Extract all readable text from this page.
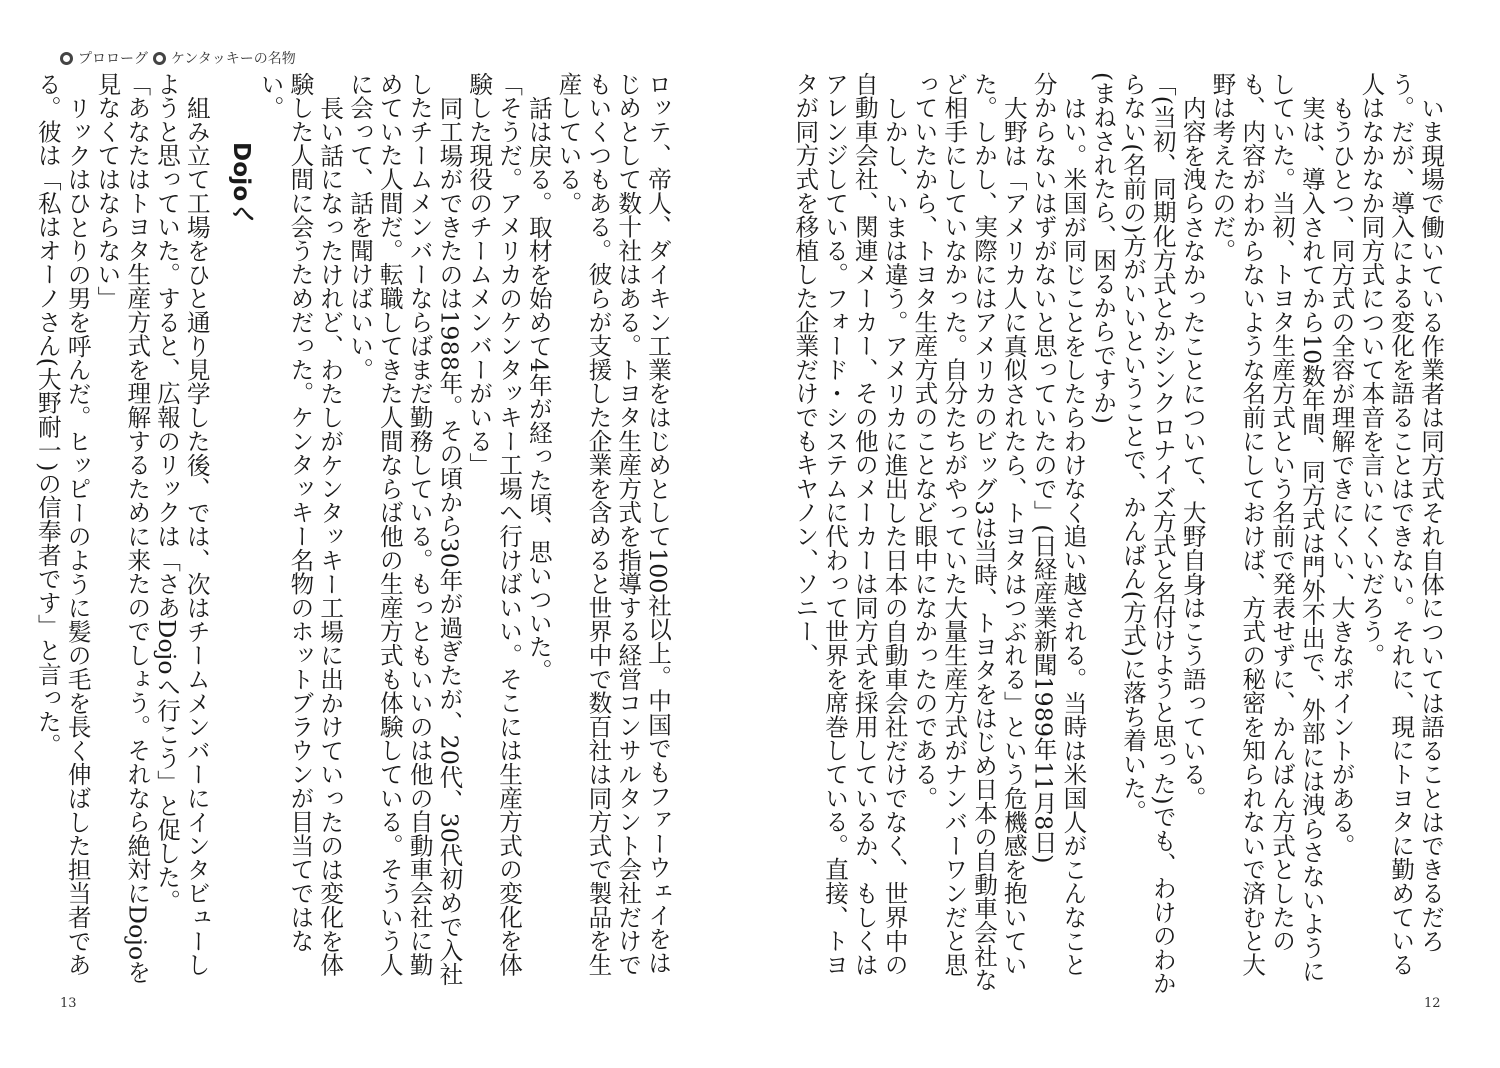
プロローグ ケンタッキーの名物

いま現場で働いている作業者は同方式それ自体については語ることはできるだろう。だが、導入による変化を語ることはできない。それに、現にトヨタに勤めている人はなかなか同方式について本音を言いにくいだろう。

もうひとつ、同方式の全容が理解できにくい、大きなポイントがある。

実は、導入されてから10数年間、同方式は門外不出で、外部には洩らさないようにしていた。当初、トヨタ生産方式という名前で発表せずに、かんばん方式としたのも、内容がわからないような名前にしておけば、方式の秘密を知られないで済むと大野は考えたのだ。

内容を洩らさなかったことについて、大野自身はこう語っている。

「(当初、同期化方式とかシンクロナイズ方式と名付けようと思った)でも、わけのわからない(名前の)方がいいということで、かんばん(方式)に落ち着いた。

(まねされたら、困るからですか)

はい。米国が同じことをしたらわけなく追い越される。当時は米国人がこんなこと分からないはずがないと思っていたので」(日経産業新聞1989年11月8日)

大野は「アメリカ人に真似されたら、トヨタはつぶれる」という危機感を抱いていた。しかし、実際にはアメリカのビッグ3は当時、トヨタをはじめ日本の自動車会社など相手にしていなかった。自分たちがやっていた大量生産方式がナンバーワンだと思っていたから、トヨタ生産方式のことなど眼中になかったのである。

しかし、いまは違う。アメリカに進出した日本の自動車会社だけでなく、世界中の自動車会社、関連メーカー、その他のメーカーは同方式を採用しているか、もしくはアレンジしている。フォード・システムに代わって世界を席巻している。直接、トヨタが同方式を移植した企業だけでもキヤノン、ソニー、

ロッテ、帝人、ダイキン工業をはじめとして100社以上。中国でもファーウェイをはじめとして数十社はある。トヨタ生産方式を指導する経営コンサルタント会社だけでもいくつもある。彼らが支援した企業を含めると世界中で数百社は同方式で製品を生産している。

話は戻る。取材を始めて4年が経った頃、思いついた。

「そうだ。アメリカのケンタッキー工場へ行けばいい。そこには生産方式の変化を体験した現役のチームメンバーがいる」

同工場ができたのは1988年。その頃から30年が過ぎたが、20代、30代初めで入社したチームメンバーならばまだ勤務している。もっともいいのは他の自動車会社に勤めていた人間だ。転職してきた人間ならば他の生産方式も体験している。そういう人に会って、話を聞けばいい。

長い話になったけれど、わたしがケンタッキー工場に出かけていったのは変化を体験した人間に会うためだった。ケンタッキー名物のホットブラウンが目当てではない。

Dojoへ

組み立て工場をひと通り見学した後、では、次はチームメンバーにインタビューしようと思っていた。すると、広報のリックは「さあDojoへ行こう」と促した。

「あなたはトヨタ生産方式を理解するために来たのでしょう。それなら絶対にDojoを見なくてはならない」

リックはひとりの男を呼んだ。ヒッピーのように髪の毛を長く伸ばした担当者である。彼は「私はオーノさん(大野耐一)の信奉者です」と言った。

13	12
